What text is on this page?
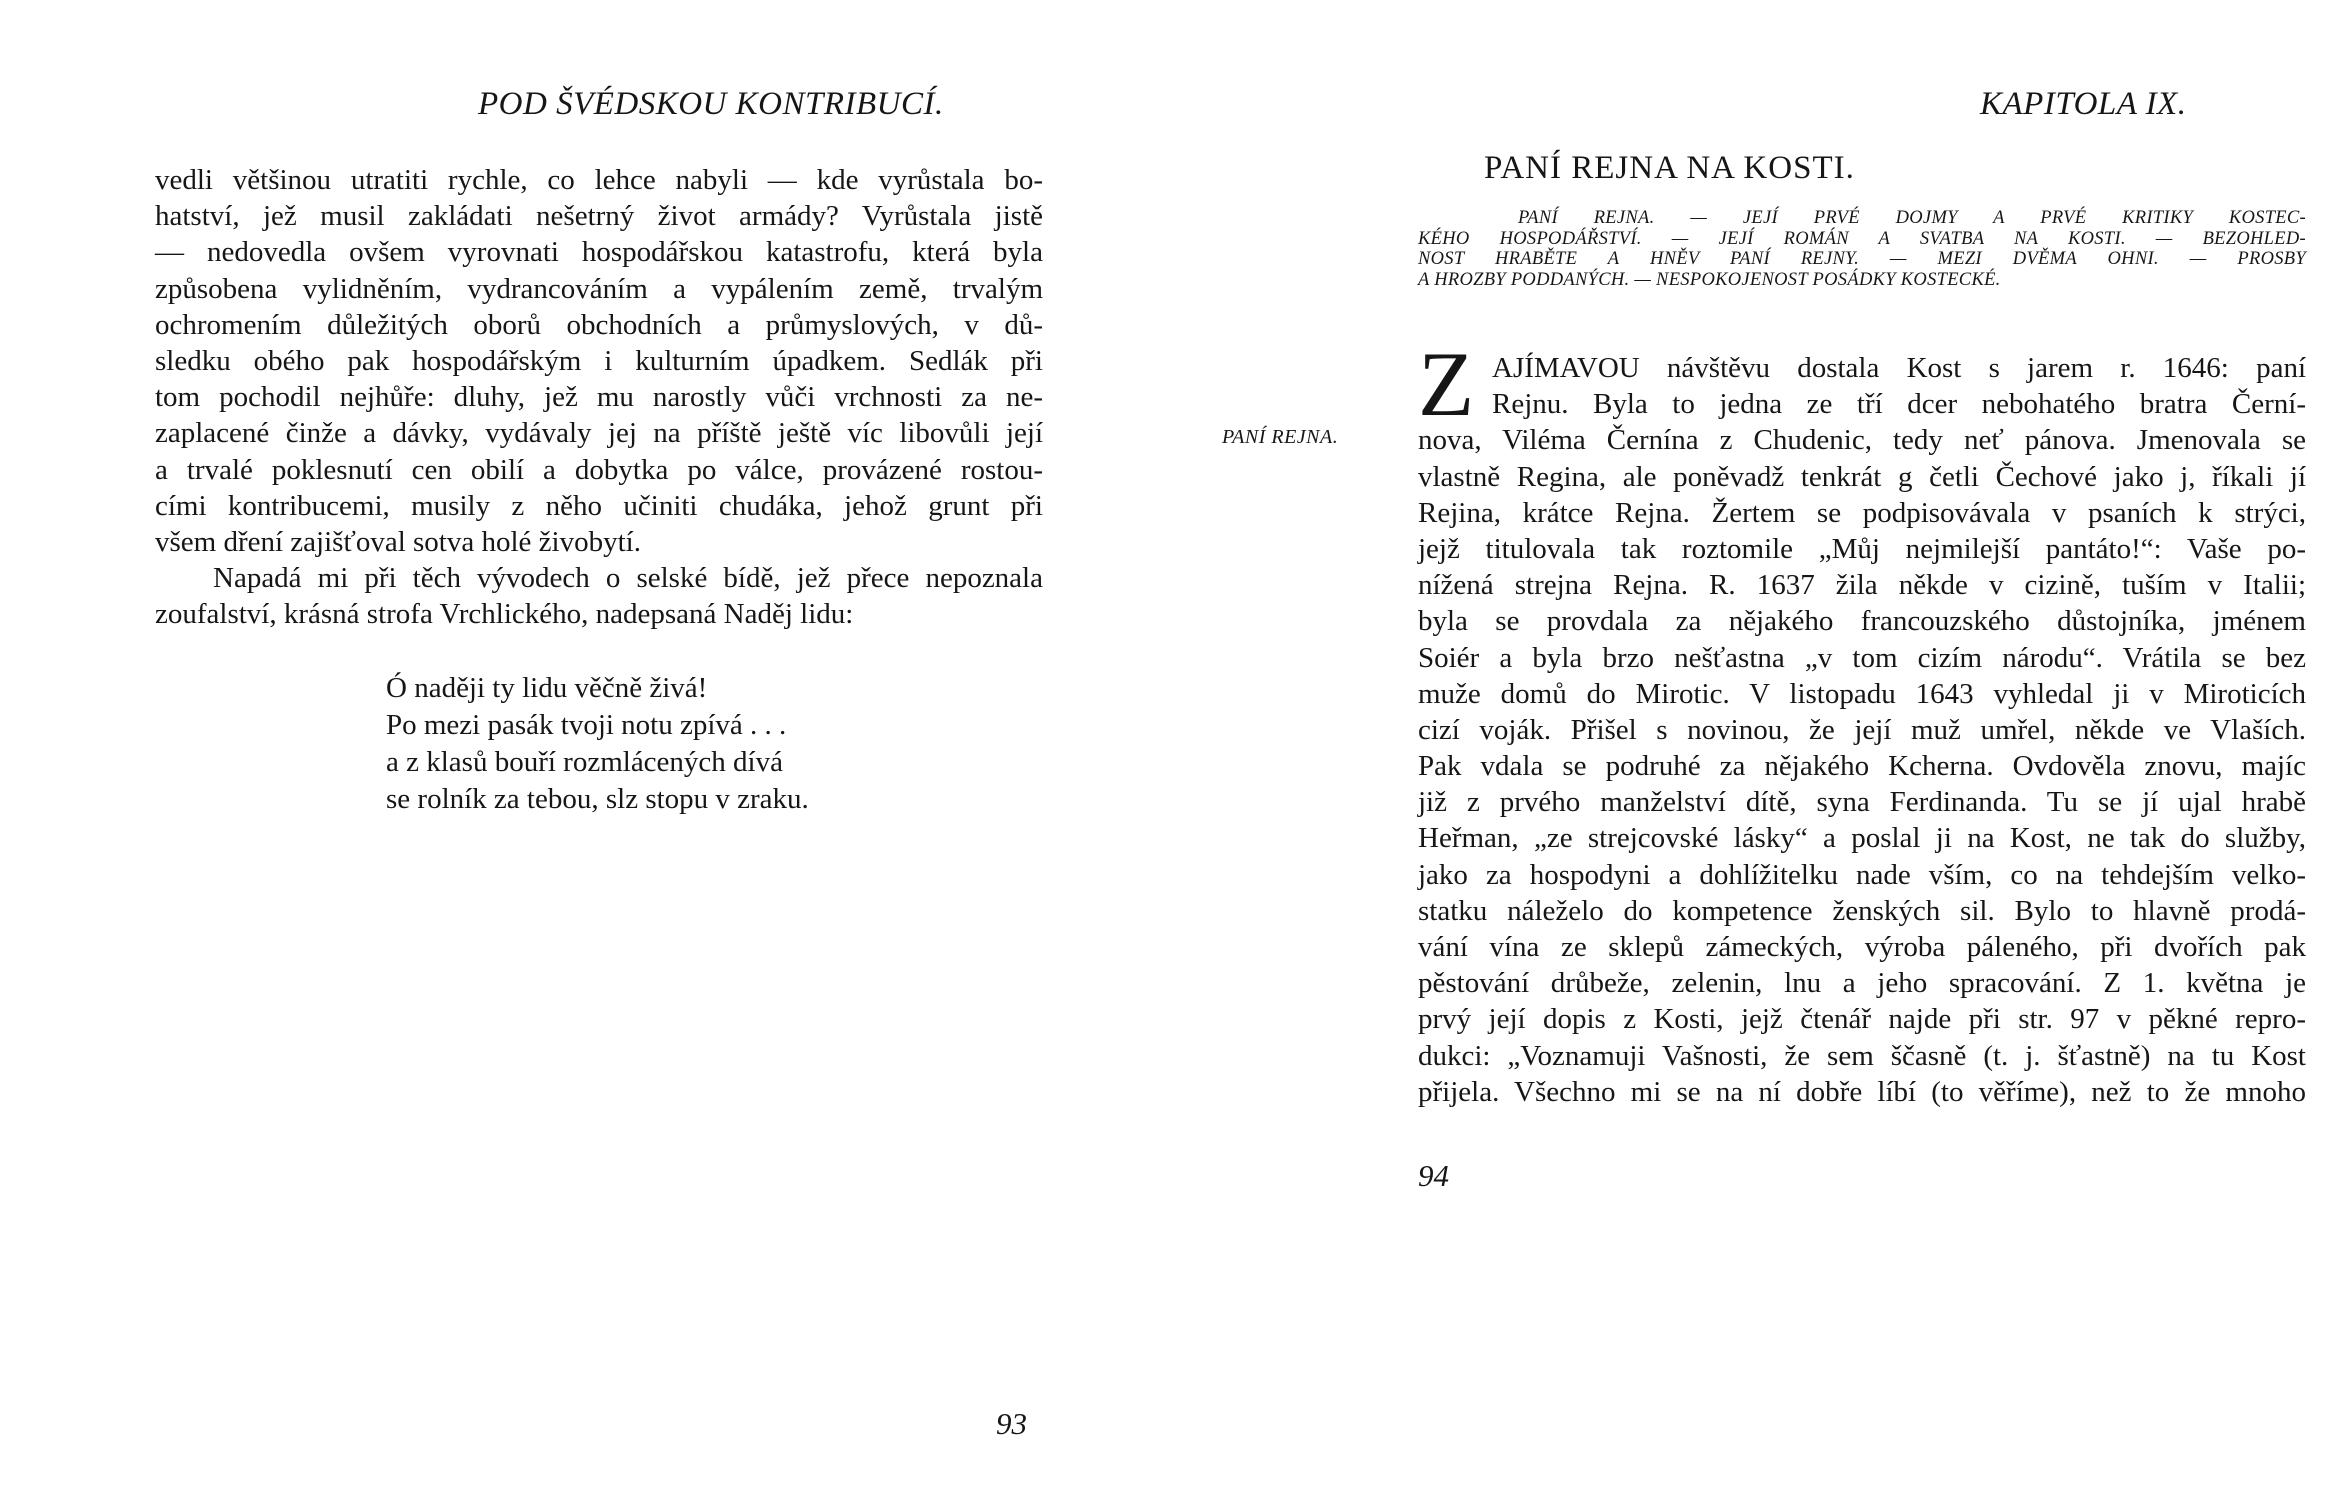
POD ŠVÉDSKOU KONTRIBUCÍ.
vedli většinou utratiti rychle, co lehce nabyli — kde vyrůstala bo-
hatství, jež musil zakládati nešetrný život armády? Vyrůstala jistě
— nedovedla ovšem vyrovnati hospodářskou katastrofu, která byla
způsobena vylidněním, vydrancováním a vypálením země, trvalým
ochromením důležitých oborů obchodních a průmyslových, v dů-
sledku obého pak hospodářským i kulturním úpadkem. Sedlák při
tom pochodil nejhůře: dluhy, jež mu narostly vůči vrchnosti za ne-
zaplacené činže a dávky, vydávaly jej na příště ještě víc libovůli její
a trvalé poklesnutí cen obilí a dobytka po válce, provázené rostou-
cími kontribucemi, musily z něho učiniti chudáka, jehož grunt při
všem dření zajišťoval sotva holé živobytí.
Napadá mi při těch vývodech o selské bídě, jež přece nepoznala
zoufalství, krásná strofa Vrchlického, nadepsaná Naděj lidu:
Ó naději ty lidu věčně živá!
Po mezi pasák tvoji notu zpívá . . .
a z klasů bouří rozmlácených dívá
se rolník za tebou, slz stopu v zraku.
93
KAPITOLA IX.
PANÍ REJNA NA KOSTI.
PANÍ REJNA. — JEJÍ PRVÉ DOJMY A PRVÉ KRITIKY KOSTEC-
KÉHO HOSPODÁŘSTVÍ. — JEJÍ ROMÁN A SVATBA NA KOSTI. — BEZOHLED-
NOST HRABĚTE A HNĚV PANÍ REJNY. — MEZI DVĚMA OHNI. — PROSBY
A HROZBY PODDANÝCH. — NESPOKOJENOST POSÁDKY KOSTECKÉ.
PANÍ REJNA.
Z AJÍMAVOU návštěvu dostala Kost s jarem r. 1646: paní
Rejnu. Byla to jedna ze tří dcer nebohatého bratra Černí-
nova, Viléma Černína z Chudenic, tedy neť pánova. Jmenovala se
vlastně Regina, ale poněvadž tenkrát g četli Čechové jako j, říkali jí
Rejina, krátce Rejna. Žertem se podpisovávala v psaních k strýci,
jejž titulovala tak roztomile „Můj nejmilejší pantáto!“: Vaše po-
nížená strejna Rejna. R. 1637 žila někde v cizině, tuším v Italii;
byla se provdala za nějakého francouzského důstojníka, jménem
Soiér a byla brzo nešťastna „v tom cizím národu“. Vrátila se bez
muže domů do Mirotic. V listopadu 1643 vyhledal ji v Miroticích
cizí voják. Přišel s novinou, že její muž umřel, někde ve Vlaších.
Pak vdala se podruhé za nějakého Kcherna. Ovdověla znovu, majíc
již z prvého manželství dítě, syna Ferdinanda. Tu se jí ujal hrabě
Heřman, „ze strejcovské lásky“ a poslal ji na Kost, ne tak do služby,
jako za hospodyni a dohlížitelku nade vším, co na tehdejším velko-
statku náleželo do kompetence ženských sil. Bylo to hlavně prodá-
vání vína ze sklepů zámeckých, výroba páleného, při dvořích pak
pěstování drůbeže, zelenin, lnu a jeho spracování. Z 1. května je
prvý její dopis z Kosti, jejž čtenář najde při str. 97 v pěkné repro-
dukci: „Voznamuji Vašnosti, že sem ščasně (t. j. šťastně) na tu Kost
přijela. Všechno mi se na ní dobře líbí (to věříme), než to že mnoho
94
